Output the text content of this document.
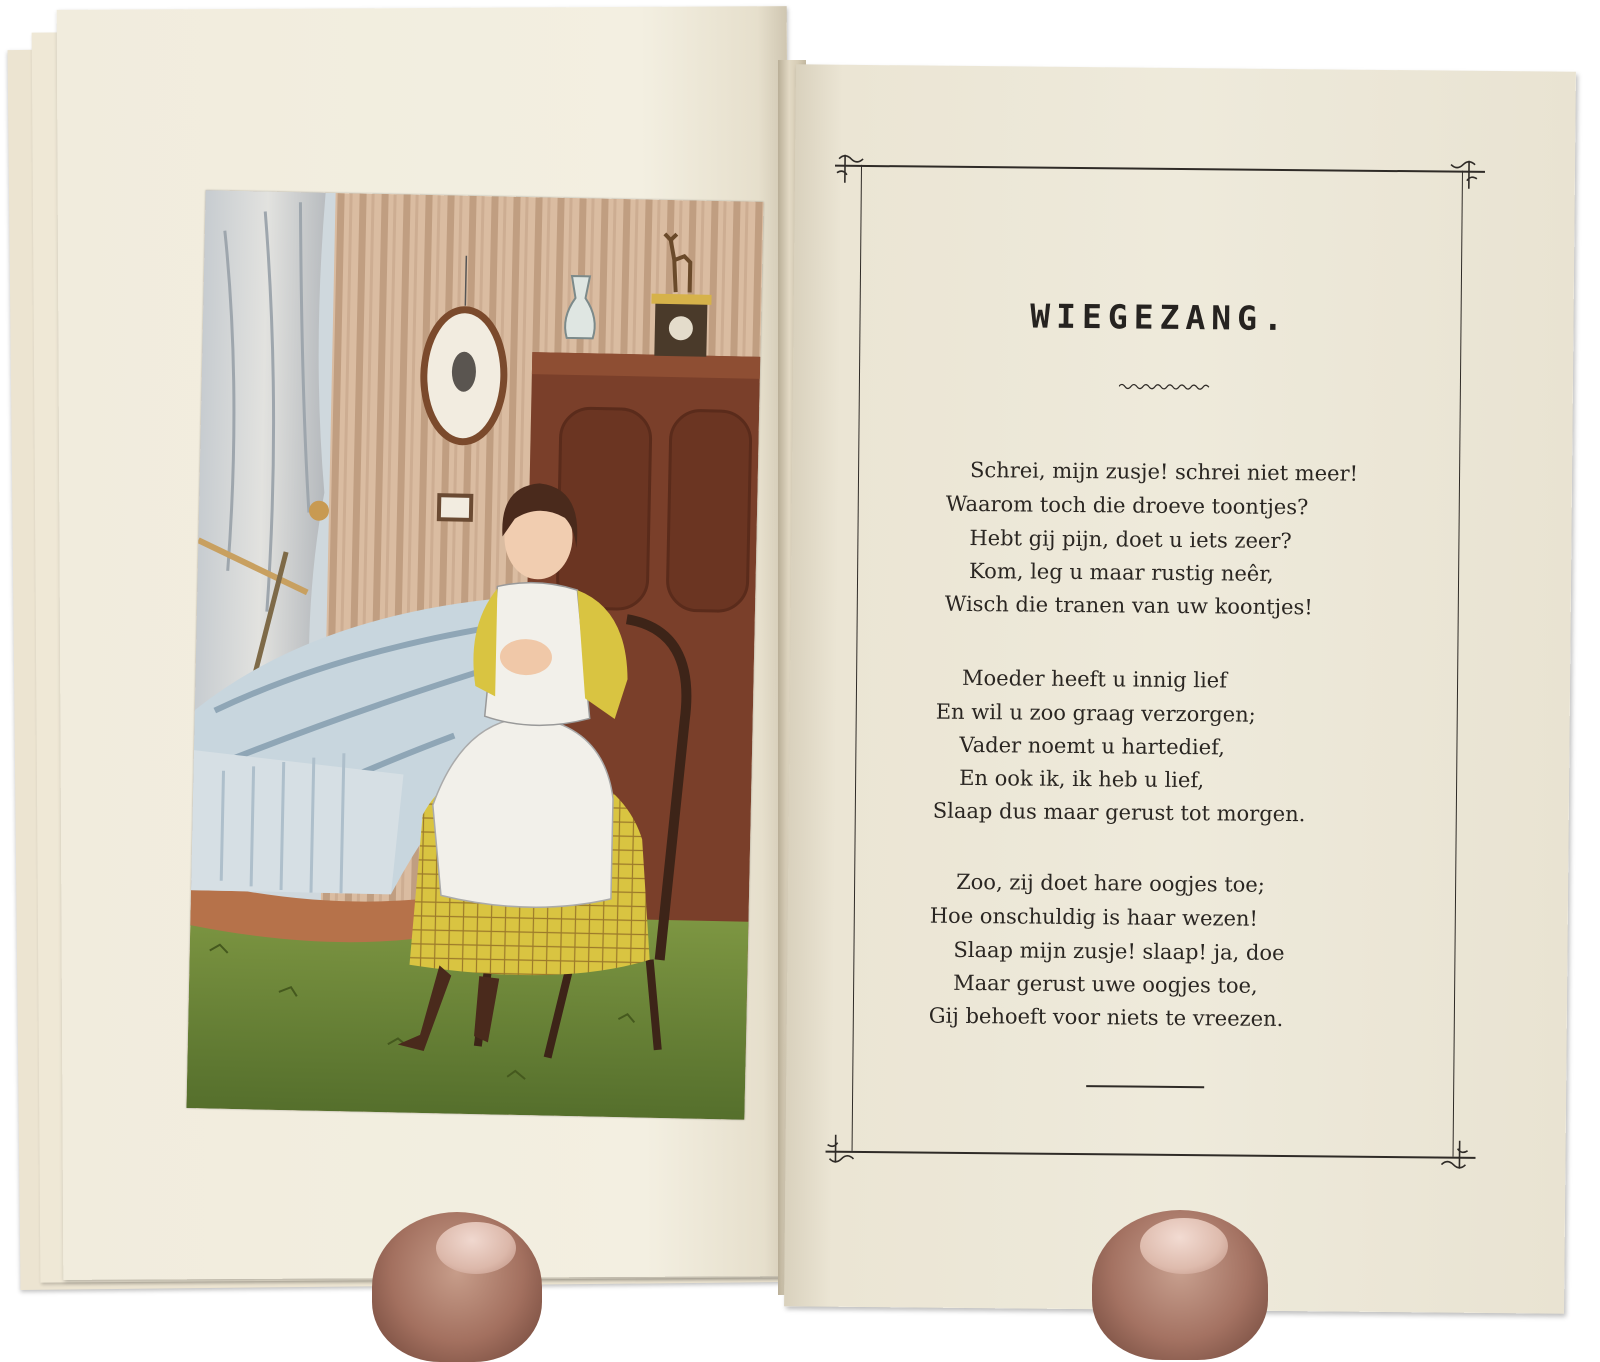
WIEGEZANG.
Schrei, mijn zusje! schrei niet meer!
Waarom toch die droeve toontjes?
Hebt gij pijn, doet u iets zeer?
Kom, leg u maar rustig neêr,
Wisch die tranen van uw koontjes!
Moeder heeft u innig lief
En wil u zoo graag verzorgen;
Vader noemt u hartedief,
En ook ik, ik heb u lief,
Slaap dus maar gerust tot morgen.
Zoo, zij doet hare oogjes toe;
Hoe onschuldig is haar wezen!
Slaap mijn zusje! slaap! ja, doe
Maar gerust uwe oogjes toe,
Gij behoeft voor niets te vreezen.
